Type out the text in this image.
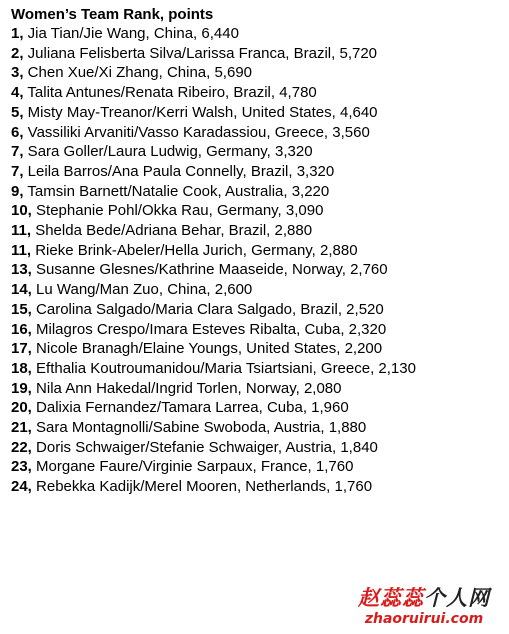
Women’s Team Rank, points
1, Jia Tian/Jie Wang, China, 6,440
2, Juliana Felisberta Silva/Larissa Franca, Brazil, 5,720
3, Chen Xue/Xi Zhang, China, 5,690
4, Talita Antunes/Renata Ribeiro, Brazil, 4,780
5, Misty May-Treanor/Kerri Walsh, United States, 4,640
6, Vassiliki Arvaniti/Vasso Karadassiou, Greece, 3,560
7, Sara Goller/Laura Ludwig, Germany, 3,320
7, Leila Barros/Ana Paula Connelly, Brazil, 3,320
9, Tamsin Barnett/Natalie Cook, Australia, 3,220
10, Stephanie Pohl/Okka Rau, Germany, 3,090
11, Shelda Bede/Adriana Behar, Brazil, 2,880
11, Rieke Brink-Abeler/Hella Jurich, Germany, 2,880
13, Susanne Glesnes/Kathrine Maaseide, Norway, 2,760
14, Lu Wang/Man Zuo, China, 2,600
15, Carolina Salgado/Maria Clara Salgado, Brazil, 2,520
16, Milagros Crespo/Imara Esteves Ribalta, Cuba, 2,320
17, Nicole Branagh/Elaine Youngs, United States, 2,200
18, Efthalia Koutroumanidou/Maria Tsiartsiani, Greece, 2,130
19, Nila Ann Hakedal/Ingrid Torlen, Norway, 2,080
20, Dalixia Fernandez/Tamara Larrea, Cuba, 1,960
21, Sara Montagnolli/Sabine Swoboda, Austria, 1,880
22, Doris Schwaiger/Stefanie Schwaiger, Austria, 1,840
23, Morgane Faure/Virginie Sarpaux, France, 1,760
24, Rebekka Kadijk/Merel Mooren, Netherlands, 1,760
赵蕊蕊个人网
zhaoruirui.com
